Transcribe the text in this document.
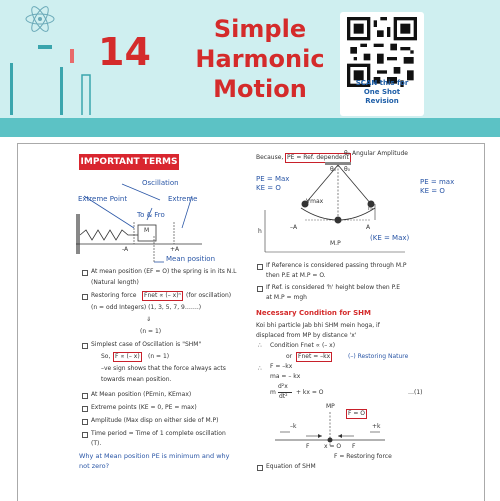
14
Simple
Harmonic
Motion	SCAN this for
One Shot Revision
IMPORTANT TERMS
Oscillation
Extreme Point	Extreme
To & Fro
M
-A	+A
Mean position
At mean position (EF = O) the spring is in its N.L
(Natural length)
Restoring force	Fnet ∝ (– x)ⁿ (for oscillation)
(n = odd Integers) (1, 3, 5, 7, 9…….)
⇓
(n = 1)
Simplest case of Oscillation is "SHM"
So, F ∝ (– x)	(n = 1)
–ve sign shows that the force always acts
towards mean position.
At Mean position (PEmin, KEmax)
Extreme points (KE = 0, PE = max)
Amplitude (Max disp on either side of M.P)
Time period = Time of 1 complete oscillation
(T).
Why at Mean position PE is minimum and why
not zero?
Because, PE = Ref. dependent
θ₀ Angular Amplitude
θ₀ θ₀
PE = Max
KE = O
PE = max
KE = O
Vmax
h
hᵣ
–A	A
M.P
(KE = Max)
If Reference is considered passing through M.P
then P.E at M.P = O.
If Ref. is considered 'h' height below then P.E
at M.P = mgh
Necessary Condition for SHM
Koi bhi particle Jab bhi SHM mein hoga, if
displaced from MP by distance 'x'
∴ Condition Fnet ∝ (– x)
or Fnet = –kx	(–) Restoring Nature
∴ F = –kx
ma = – kx
m
d²x
dt²
+ kx = O	…(1)
MP
F = O
–k	+k
F x = O F
F = Restoring force
Equation of SHM
